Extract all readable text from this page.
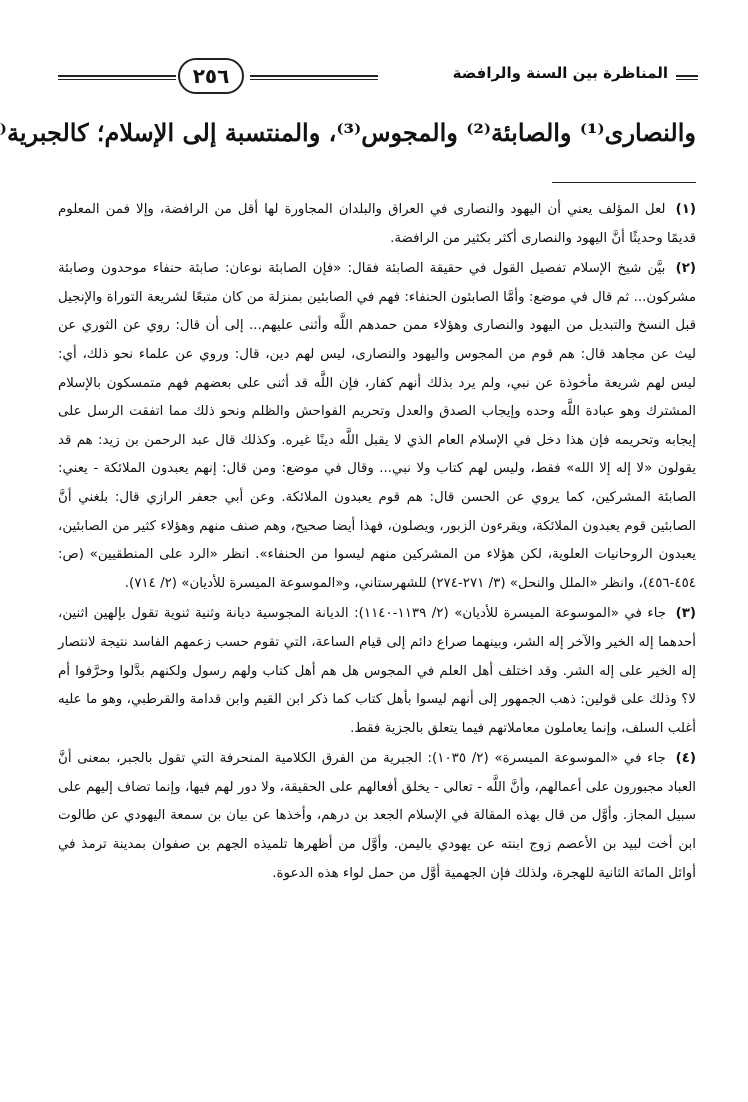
المناظرة بين السنة والرافضة
٢٥٦
والنصارى⁽¹⁾ والصابئة⁽²⁾ والمجوس⁽³⁾، والمنتسبة إلى الإسلام؛ كالجبرية⁽

(١) لعل المؤلف يعني أن اليهود والنصارى في العراق والبلدان المجاورة لها أقل من الرافضة، وإلا فمن المعلوم قديمًا وحديثًا أنَّ اليهود والنصارى أكثر بكثير من الرافضة.

(٢) بيَّن شيخ الإسلام تفصيل القول في حقيقة الصابئة فقال: «فإن الصابئة نوعان: صابئة حنفاء موحدون وصابئة مشركون... ثم قال في موضع: وأمَّا الصابئون الحنفاء: فهم في الصابئين بمنزلة من كان متبعًا لشريعة التوراة والإنجيل قبل النسخ والتبديل من اليهود والنصارى وهؤلاء ممن حمدهم اللَّه وأثنى عليهم... إلى أن قال: روي عن الثوري عن ليث عن مجاهد قال: هم قوم من المجوس واليهود والنصارى، ليس لهم دين، قال: وروي عن علماء نحو ذلك، أي: ليس لهم شريعة مأخوذة عن نبي، ولم يرد بذلك أنهم كفار، فإن اللَّه قد أثنى على بعضهم فهم متمسكون بالإسلام المشترك وهو عبادة اللَّه وحده وإيجاب الصدق والعدل وتحريم الفواحش والظلم ونحو ذلك مما اتفقت الرسل على إيجابه وتحريمه فإن هذا دخل في الإسلام العام الذي لا يقبل اللَّه دينًا غيره. وكذلك قال عبد الرحمن بن زيد: هم قد يقولون «لا إله إلا الله» فقط، وليس لهم كتاب ولا نبي... وقال في موضع: ومن قال: إنهم يعبدون الملائكة - يعني: الصابئة المشركين، كما يروي عن الحسن قال: هم قوم يعبدون الملائكة. وعن أبي جعفر الرازي قال: بلغني أنَّ الصابئين قوم يعبدون الملائكة، ويقرءون الزبور، ويصلون، فهذا أيضا صحيح، وهم صنف منهم وهؤلاء كثير من الصابئين، يعبدون الروحانيات العلوية، لكن هؤلاء من المشركين منهم ليسوا من الحنفاء». انظر «الرد على المنطقيين» (ص: ٤٥٤-٤٥٦)، وانظر «الملل والنحل» (٣/ ٢٧١-٢٧٤) للشهرستاني، و«الموسوعة الميسرة للأديان» (٢/ ٧١٤).

(٣) جاء في «الموسوعة الميسرة للأديان» (٢/ ١١٣٩-١١٤٠): الديانة المجوسية ديانة وثنية ثنوية تقول بإلهين اثنين، أحدهما إله الخير والآخر إله الشر، وبينهما صراع دائم إلى قيام الساعة، التي تقوم حسب زعمهم الفاسد نتيجة لانتصار إله الخير على إله الشر. وقد اختلف أهل العلم في المجوس هل هم أهل كتاب ولهم رسول ولكنهم بدَّلوا وحرَّفوا أم لا؟ وذلك على قولين: ذهب الجمهور إلى أنهم ليسوا بأهل كتاب كما ذكر ابن القيم وابن قدامة والقرطبي، وهو ما عليه أغلب السلف، وإنما يعاملون معاملاتهم فيما يتعلق بالجزية فقط.

(٤) جاء في «الموسوعة الميسرة» (٢/ ١٠٣٥): الجبرية من الفرق الكلامية المنحرفة التي تقول بالجبر، بمعنى أنَّ العباد مجبورون على أعمالهم، وأنَّ اللَّه - تعالى - يخلق أفعالهم على الحقيقة، ولا دور لهم فيها، وإنما تضاف إليهم على سبيل المجاز. وأوَّل من قال بهذه المقالة في الإسلام الجعد بن درهم، وأخذها عن بيان بن سمعة اليهودي عن طالوت ابن أخت لبيد بن الأعصم زوج ابنته عن يهودي باليمن. وأوَّل من أظهرها تلميذه الجهم بن صفوان بمدينة ترمذ في أوائل المائة الثانية للهجرة، ولذلك فإن الجهمية أوَّل من حمل لواء هذه الدعوة.
